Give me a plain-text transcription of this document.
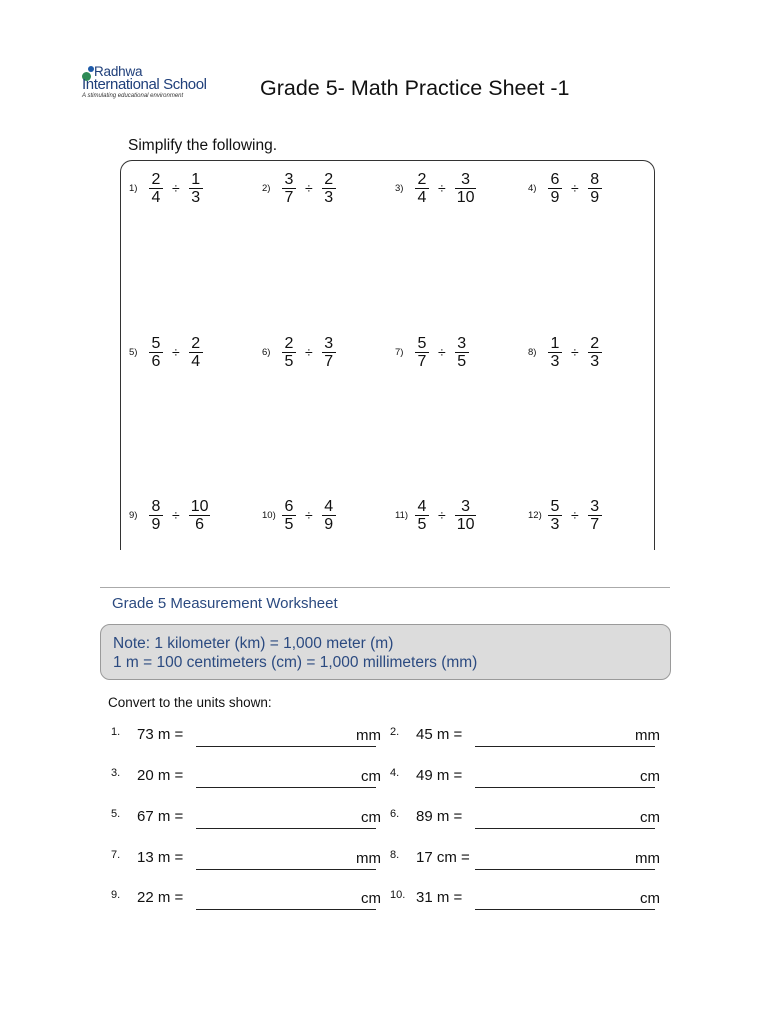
Radhwa
International School
A stimulating educational environment	Grade 5- Math Practice Sheet -1
Simplify the following.
$1) \frac{2}{4} \div \frac{1}{3}$	$2) \frac{3}{7} \div \frac{2}{3}$	$3) \frac{2}{4} \div \frac{3}{10}$	$4) \frac{6}{9} \div \frac{8}{9}$
$5) \frac{5}{6} \div \frac{2}{4}$	$6) \frac{2}{5} \div \frac{3}{7}$	$7) \frac{5}{7} \div \frac{3}{5}$	$8) \frac{1}{3} \div \frac{2}{3}$
$9) \frac{8}{9} \div \frac{10}{6}$	$10) \frac{6}{5} \div \frac{4}{9}$	$11) \frac{4}{5} \div \frac{3}{10}$	$12) \frac{5}{3} \div \frac{3}{7}$
Grade 5 Measurement Worksheet
Note: 1 kilometer (km) = 1,000 meter (m)
1 m = 100 centimeters (cm) = 1,000 millimeters (mm)
Convert to the units shown:
1. 73 m =	mm 2. 45 m =	mm
3. 20 m =	cm 4. 49 m =	cm
5. 67 m =	cm 6. 89 m =	cm
7. 13 m =	mm 8. 17 cm =	mm
9. 22 m =	cm 10. 31 m =	cm
